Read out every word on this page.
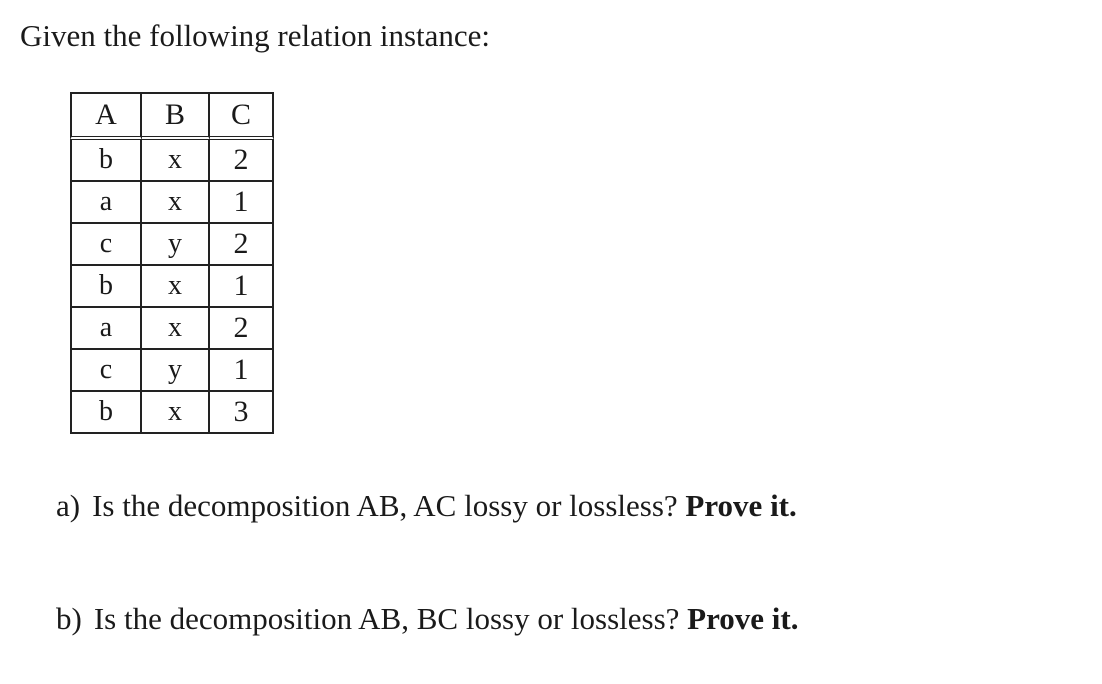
Given the following relation instance:
A	B	C
b	x	2
a	x	1
c	y	2
b	x	1
a	x	2
c	y	1
b	x	3
a) Is the decomposition AB, AC lossy or lossless? Prove it.
b) Is the decomposition AB, BC lossy or lossless? Prove it.
